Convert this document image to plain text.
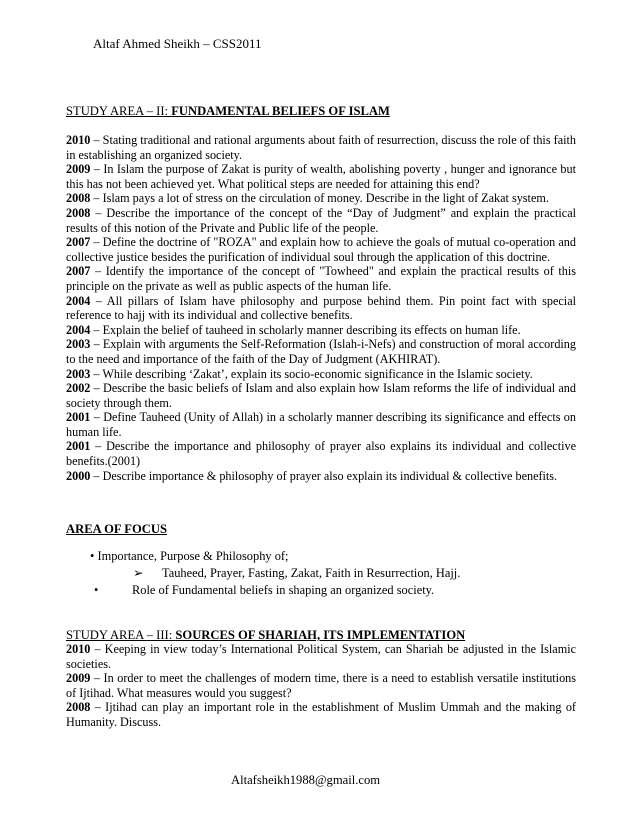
Altaf Ahmed Sheikh – CSS2011
STUDY AREA – II: FUNDAMENTAL BELIEFS OF ISLAM

2010 – Stating traditional and rational arguments about faith of resurrection, discuss the role of this faith in establishing an organized society.

2009 – In Islam the purpose of Zakat is purity of wealth, abolishing poverty , hunger and ignorance but this has not been achieved yet. What political steps are needed for attaining this end?

2008 – Islam pays a lot of stress on the circulation of money. Describe in the light of Zakat system.

2008 – Describe the importance of the concept of the “Day of Judgment” and explain the practical results of this notion of the Private and Public life of the people.

2007 – Define the doctrine of "ROZA" and explain how to achieve the goals of mutual co-operation and collective justice besides the purification of individual soul through the application of this doctrine.

2007 – Identify the importance of the concept of "Towheed" and explain the practical results of this principle on the private as well as public aspects of the human life.

2004 – All pillars of Islam have philosophy and purpose behind them. Pin point fact with special reference to hajj with its individual and collective benefits.

2004 – Explain the belief of tauheed in scholarly manner describing its effects on human life.

2003 – Explain with arguments the Self-Reformation (Islah-i-Nefs) and construction of moral according to the need and importance of the faith of the Day of Judgment (AKHIRAT).

2003 – While describing ‘Zakat’, explain its socio-economic significance in the Islamic society.

2002 – Describe the basic beliefs of Islam and also explain how Islam reforms the life of individual and society through them.

2001 – Define Tauheed (Unity of Allah) in a scholarly manner describing its significance and effects on human life.

2001 – Describe the importance and philosophy of prayer also explains its individual and collective benefits.(2001)

2000 – Describe importance & philosophy of prayer also explain its individual & collective benefits.

AREA OF FOCUS
• Importance, Purpose & Philosophy of;
➢ Tauheed, Prayer, Fasting, Zakat, Faith in Resurrection, Hajj.
•	Role of Fundamental beliefs in shaping an organized society.
STUDY AREA – III: SOURCES OF SHARIAH, ITS IMPLEMENTATION

2010 – Keeping in view today’s International Political System, can Shariah be adjusted in the Islamic societies.

2009 – In order to meet the challenges of modern time, there is a need to establish versatile institutions of Ijtihad. What measures would you suggest?

2008 – Ijtihad can play an important role in the establishment of Muslim Ummah and the making of Humanity. Discuss.

Altafsheikh1988@gmail.com
